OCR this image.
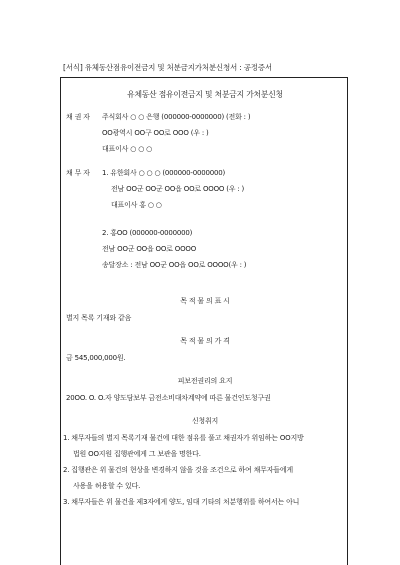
[서식] 유체동산점유이전금지 및 처분금지가처분신청서 : 공정증서
유체동산 점유이전금지 및 처분금지 가처분신청
채 권 자 주식회사 ○ ○ 은행 (000000-0000000) (전화 : )
OO광역시 OO구 OO로 OOO (우 : )
대표이사 ○ ○ ○
채 무 자 1. 유한회사 ○ ○ ○ (000000-0000000)
전남 OO군 OO군 OO읍 OO로 OOOO (우 : )
대표이사 홍 ○ ○
2. 홍OO (000000-0000000)
전남 OO군 OO읍 OO로 OOOO
송달장소 : 전남 OO군 OO읍 OO로 OOOO(우 : )
목 적 물 의 표 시
별지 목록 기재와 같음
목 적 물 의 가 격
금 545,000,000원.
피보전권리의 요지
20OO. O. O.자 양도담보부 금전소비대차계약에 따른 물건인도청구권
신청취지
1. 채무자들의 별지 목록기재 물건에 대한 점유를 풀고 채권자가 위임하는 OO지방
법원 OO지원 집행관에게 그 보관을 명한다.
2. 집행관은 위 물건의 현상을 변경하지 않을 것을 조건으로 하여 채무자들에게
사용을 허용할 수 있다.
3. 채무자들은 위 물건을 제3자에게 양도, 임대 기타의 처분행위를 하여서는 아니
